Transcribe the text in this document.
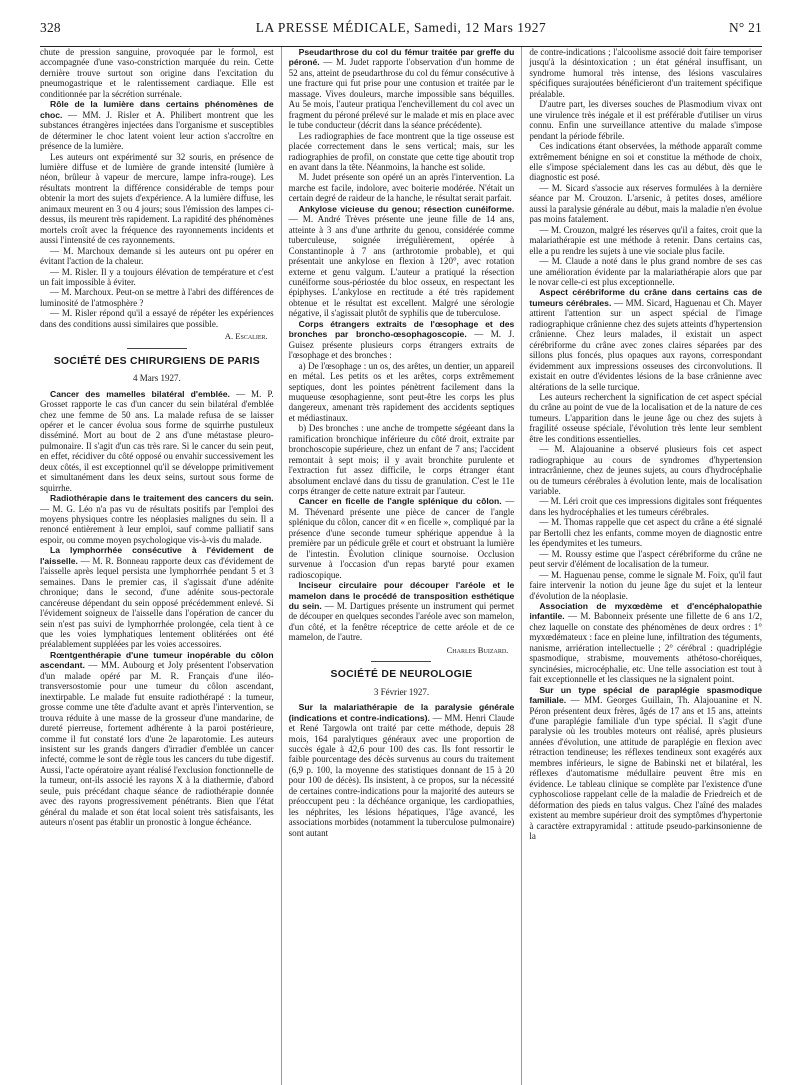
328	LA PRESSE MÉDICALE, Samedi, 12 Mars 1927	N° 21

chute de pression sanguine, provoquée par le formol, est accompagnée d'une vaso-constriction marquée du rein. Cette dernière trouve surtout son origine dans l'excitation du pneumogastrique et le ralentissement cardiaque. Elle est conditionnée par la sécrétion surrénale.

Rôle de la lumière dans certains phénomènes de choc. — MM. J. Risler et A. Philibert montrent que les substances étrangères injectées dans l'organisme et susceptibles de déterminer le choc latent voient leur action s'accroître en présence de la lumière.

Les auteurs ont expérimenté sur 32 souris, en présence de lumière diffuse et de lumière de grande intensité (lumière à néon, brûleur à vapeur de mercure, lampe infra-rouge). Les résultats montrent la différence considérable de temps pour obtenir la mort des sujets d'expérience. A la lumière diffuse, les animaux meurent en 3 ou 4 jours; sous l'émission des lampes ci-dessus, ils meurent très rapidement. La rapidité des phénomènes mortels croît avec la fréquence des rayonnements incidents et aussi l'intensité de ces rayonnements.

— M. Marchoux demande si les auteurs ont pu opérer en évitant l'action de la chaleur.

— M. Risler. Il y a toujours élévation de température et c'est un fait impossible à éviter.

— M. Marchoux. Peut-on se mettre à l'abri des différences de luminosité de l'atmosphère ?

— M. Risler répond qu'il a essayé de répéter les expériences dans des conditions aussi similaires que possible.

A. Escalier.

SOCIÉTÉ DES CHIRURGIENS DE PARIS
4 Mars 1927.

Cancer des mamelles bilatéral d'emblée. — M. P. Grosset rapporte le cas d'un cancer du sein bilatéral d'emblée chez une femme de 50 ans. La malade refusa de se laisser opérer et le cancer évolua sous forme de squirrhe pustuleux disséminé. Mort au bout de 2 ans d'une métastase pleuro-pulmonaire. Il s'agit d'un cas très rare. Si le cancer du sein peut, en effet, récidiver du côté opposé ou envahir successivement les deux côtés, il est exceptionnel qu'il se développe primitivement et simultanément dans les deux seins, surtout sous forme de squirrhe.

Radiothérapie dans le traitement des cancers du sein. — M. G. Léo n'a pas vu de résultats positifs par l'emploi des moyens physiques contre les néoplasies malignes du sein. Il a renoncé entièrement à leur emploi, sauf comme palliatif sans espoir, ou comme moyen psychologique vis-à-vis du malade.

La lymphorrhée consécutive à l'évidement de l'aisselle. — M. R. Bonneau rapporte deux cas d'évidement de l'aisselle après lequel persista une lymphorrhée pendant 5 et 3 semaines. Dans le premier cas, il s'agissait d'une adénite chronique; dans le second, d'une adénite sous-pectorale cancéreuse dépendant du sein opposé précédemment enlevé. Si l'évidement soigneux de l'aisselle dans l'opération de cancer du sein n'est pas suivi de lymphorrhée prolongée, cela tient à ce que les voies lymphatiques lentement oblitérées ont été préalablement suppléées par les voies accessoires.

Rœntgenthérapie d'une tumeur inopérable du côlon ascendant. — MM. Aubourg et Joly présentent l'observation d'un malade opéré par M. R. Français d'une iléo-transversostomie pour une tumeur du côlon ascendant, inextirpable. Le malade fut ensuite radiothérapé : la tumeur, grosse comme une tête d'adulte avant et après l'intervention, se trouva réduite à une masse de la grosseur d'une mandarine, de dureté pierreuse, fortement adhérente à la paroi postérieure, comme il fut constaté lors d'une 2e laparotomie. Les auteurs insistent sur les grands dangers d'irradier d'emblée un cancer infecté, comme le sont de règle tous les cancers du tube digestif. Aussi, l'acte opératoire ayant réalisé l'exclusion fonctionnelle de la tumeur, ont-ils associé les rayons X à la diathermie, d'abord seule, puis précédant chaque séance de radiothérapie donnée avec des rayons progressivement pénétrants. Bien que l'état général du malade et son état local soient très satisfaisants, les auteurs n'osent pas établir un pronostic à longue échéance.

Pseudarthrose du col du fémur traitée par greffe du péroné. — M. Judet rapporte l'observation d'un homme de 52 ans, atteint de pseudarthrose du col du fémur consécutive à une fracture qui fut prise pour une contusion et traitée par le massage. Vives douleurs, marche impossible sans béquilles. Au 5e mois, l'auteur pratiqua l'enchevillement du col avec un fragment du péroné prélevé sur le malade et mis en place avec le tube conducteur (décrit dans la séance précédente).

Les radiographies de face montrent que la tige osseuse est placée correctement dans le sens vertical; mais, sur les radiographies de profil, on constate que cette tige aboutit trop en avant dans la tête. Néanmoins, la hanche est solide.

M. Judet présente son opéré un an après l'intervention. La marche est facile, indolore, avec boiterie modérée. N'était un certain degré de raideur de la hanche, le résultat serait parfait.

Ankylose vicieuse du genou; résection cunéiforme. — M. André Trèves présente une jeune fille de 14 ans, atteinte à 3 ans d'une arthrite du genou, considérée comme tuberculeuse, soignée irrégulièrement, opérée à Constantinople à 7 ans (arthrotomie probable), et qui présentait une ankylose en flexion à 120°, avec rotation externe et genu valgum. L'auteur a pratiqué la résection cunéiforme sous-périostée du bloc osseux, en respectant les épiphyses. L'ankylose en rectitude a été très rapidement obtenue et le résultat est excellent. Malgré une sérologie négative, il s'agissait plutôt de syphilis que de tuberculose.

Corps étrangers extraits de l'œsophage et des bronches par broncho-œsophagoscopie. — M. J. Guisez présente plusieurs corps étrangers extraits de l'œsophage et des bronches :

a) De l'œsophage : un os, des arêtes, un dentier, un appareil en métal. Les petits os et les arêtes, corps extrêmement septiques, dont les pointes pénètrent facilement dans la muqueuse œsophagienne, sont peut-être les corps les plus dangereux, amenant très rapidement des accidents septiques et médiastinaux.

b) Des bronches : une anche de trompette ségéeant dans la ramification bronchique inférieure du côté droit, extraite par bronchoscopie supérieure, chez un enfant de 7 ans; l'accident remontait à sept mois; il y avait bronchite purulente et l'extraction fut assez difficile, le corps étranger étant absolument enclavé dans du tissu de granulation. C'est le 11e corps étranger de cette nature extrait par l'auteur.

Cancer en ficelle de l'angle splénique du côlon. — M. Thévenard présente une pièce de cancer de l'angle splénique du côlon, cancer dit « en ficelle », compliqué par la présence d'une seconde tumeur sphérique appendue à la première par un pédicule grêle et court et obstruant la lumière de l'intestin. Évolution clinique sournoise. Occlusion survenue à l'occasion d'un repas baryté pour examen radioscopique.

Inciseur circulaire pour découper l'aréole et le mamelon dans le procédé de transposition esthétique du sein. — M. Dartigues présente un instrument qui permet de découper en quelques secondes l'aréole avec son mamelon, d'un côté, et la fenêtre réceptrice de cette aréole et de ce mamelon, de l'autre.

Charles Buizard.

SOCIÉTÉ DE NEUROLOGIE
3 Février 1927.

Sur la malariathérapie de la paralysie générale (indications et contre-indications). — MM. Henri Claude et René Targowla ont traité par cette méthode, depuis 28 mois, 164 paralytiques généraux avec une proportion de succès égale à 42,6 pour 100 des cas. Ils font ressortir le faible pourcentage des décès survenus au cours du traitement (6,9 p. 100, la moyenne des statistiques donnant de 15 à 20 pour 100 de décès). Ils insistent, à ce propos, sur la nécessité de certaines contre-indications pour la majorité des auteurs se préoccupent peu : la déchéance organique, les cardiopathies, les néphrites, les lésions hépatiques, l'âge avancé, les associations morbides (notamment la tuberculose pulmonaire) sont autant

de contre-indications ; l'alcoolisme associé doit faire temporiser jusqu'à la désintoxication ; un état général insuffisant, un syndrome humoral très intense, des lésions vasculaires spécifiques surajoutées bénéficieront d'un traitement spécifique préalable.

D'autre part, les diverses souches de Plasmodium vivax ont une virulence très inégale et il est préférable d'utiliser un virus connu. Enfin une surveillance attentive du malade s'impose pendant la période fébrile.

Ces indications étant observées, la méthode apparaît comme extrêmement bénigne en soi et constitue la méthode de choix, elle s'impose spécialement dans les cas au début, dès que le diagnostic est posé.

— M. Sicard s'associe aux réserves formulées à la dernière séance par M. Crouzon. L'arsenic, à petites doses, améliore aussi la paralysie générale au début, mais la maladie n'en évolue pas moins fatalement.

— M. Crouzon, malgré les réserves qu'il a faites, croit que la malariathérapie est une méthode à retenir. Dans certains cas, elle a pu rendre les sujets à une vie sociale plus facile.

— M. Claude a noté dans le plus grand nombre de ses cas une amélioration évidente par la malariathérapie alors que par le novar celle-ci est plus exceptionnelle.

Aspect cérébriforme du crâne dans certains cas de tumeurs cérébrales. — MM. Sicard, Haguenau et Ch. Mayer attirent l'attention sur un aspect spécial de l'image radiographique crânienne chez des sujets atteints d'hypertension crânienne. Chez leurs malades, il existait un aspect cérébriforme du crâne avec zones claires séparées par des sillons plus foncés, plus opaques aux rayons, correspondant évidemment aux impressions osseuses des circonvolutions. Il existait en outre d'évidentes lésions de la base crânienne avec altérations de la selle turcique.

Les auteurs recherchent la signification de cet aspect spécial du crâne au point de vue de la localisation et de la nature de ces tumeurs. L'apparition dans le jeune âge ou chez des sujets à fragilité osseuse spéciale, l'évolution très lente leur semblent être les conditions essentielles.

— M. Alajouanine a observé plusieurs fois cet aspect radiographique au cours de syndromes d'hypertension intracrânienne, chez de jeunes sujets, au cours d'hydrocéphalie ou de tumeurs cérébrales à évolution lente, mais de localisation variable.

— M. Léri croit que ces impressions digitales sont fréquentes dans les hydrocéphalies et les tumeurs cérébrales.

— M. Thomas rappelle que cet aspect du crâne a été signalé par Bertolli chez les enfants, comme moyen de diagnostic entre les épendymites et les tumeurs.

— M. Roussy estime que l'aspect cérébriforme du crâne ne peut servir d'élément de localisation de la tumeur.

— M. Haguenau pense, comme le signale M. Foix, qu'il faut faire intervenir la notion du jeune âge du sujet et la lenteur d'évolution de la néoplasie.

Association de myxœdème et d'encéphalopathie infantile. — M. Babonneix présente une fillette de 6 ans 1/2, chez laquelle on constate des phénomènes de deux ordres : 1° myxœdémateux : face en pleine lune, infiltration des téguments, nanisme, arriération intellectuelle ; 2° cérébral : quadriplégie spasmodique, strabisme, mouvements athétoso-choréiques, syncinésies, microcéphalie, etc. Une telle association est tout à fait exceptionnelle et les classiques ne la signalent point.

Sur un type spécial de paraplégie spasmodique familiale. — MM. Georges Guillain, Th. Alajouanine et N. Péron présentent deux frères, âgés de 17 ans et 15 ans, atteints d'une paraplégie familiale d'un type spécial. Il s'agit d'une paralysie où les troubles moteurs ont réalisé, après plusieurs années d'évolution, une attitude de paraplégie en flexion avec rétraction tendineuse; les réflexes tendineux sont exagérés aux membres inférieurs, le signe de Babinski net et bilatéral, les réflexes d'automatisme médullaire peuvent être mis en évidence. Le tableau clinique se complète par l'existence d'une cyphoscoliose rappelant celle de la maladie de Friedreich et de déformation des pieds en talus valgus. Chez l'aîné des malades existent au membre supérieur droit des symptômes d'hypertonie à caractère extrapyramidal : attitude pseudo-parkinsonienne de la
